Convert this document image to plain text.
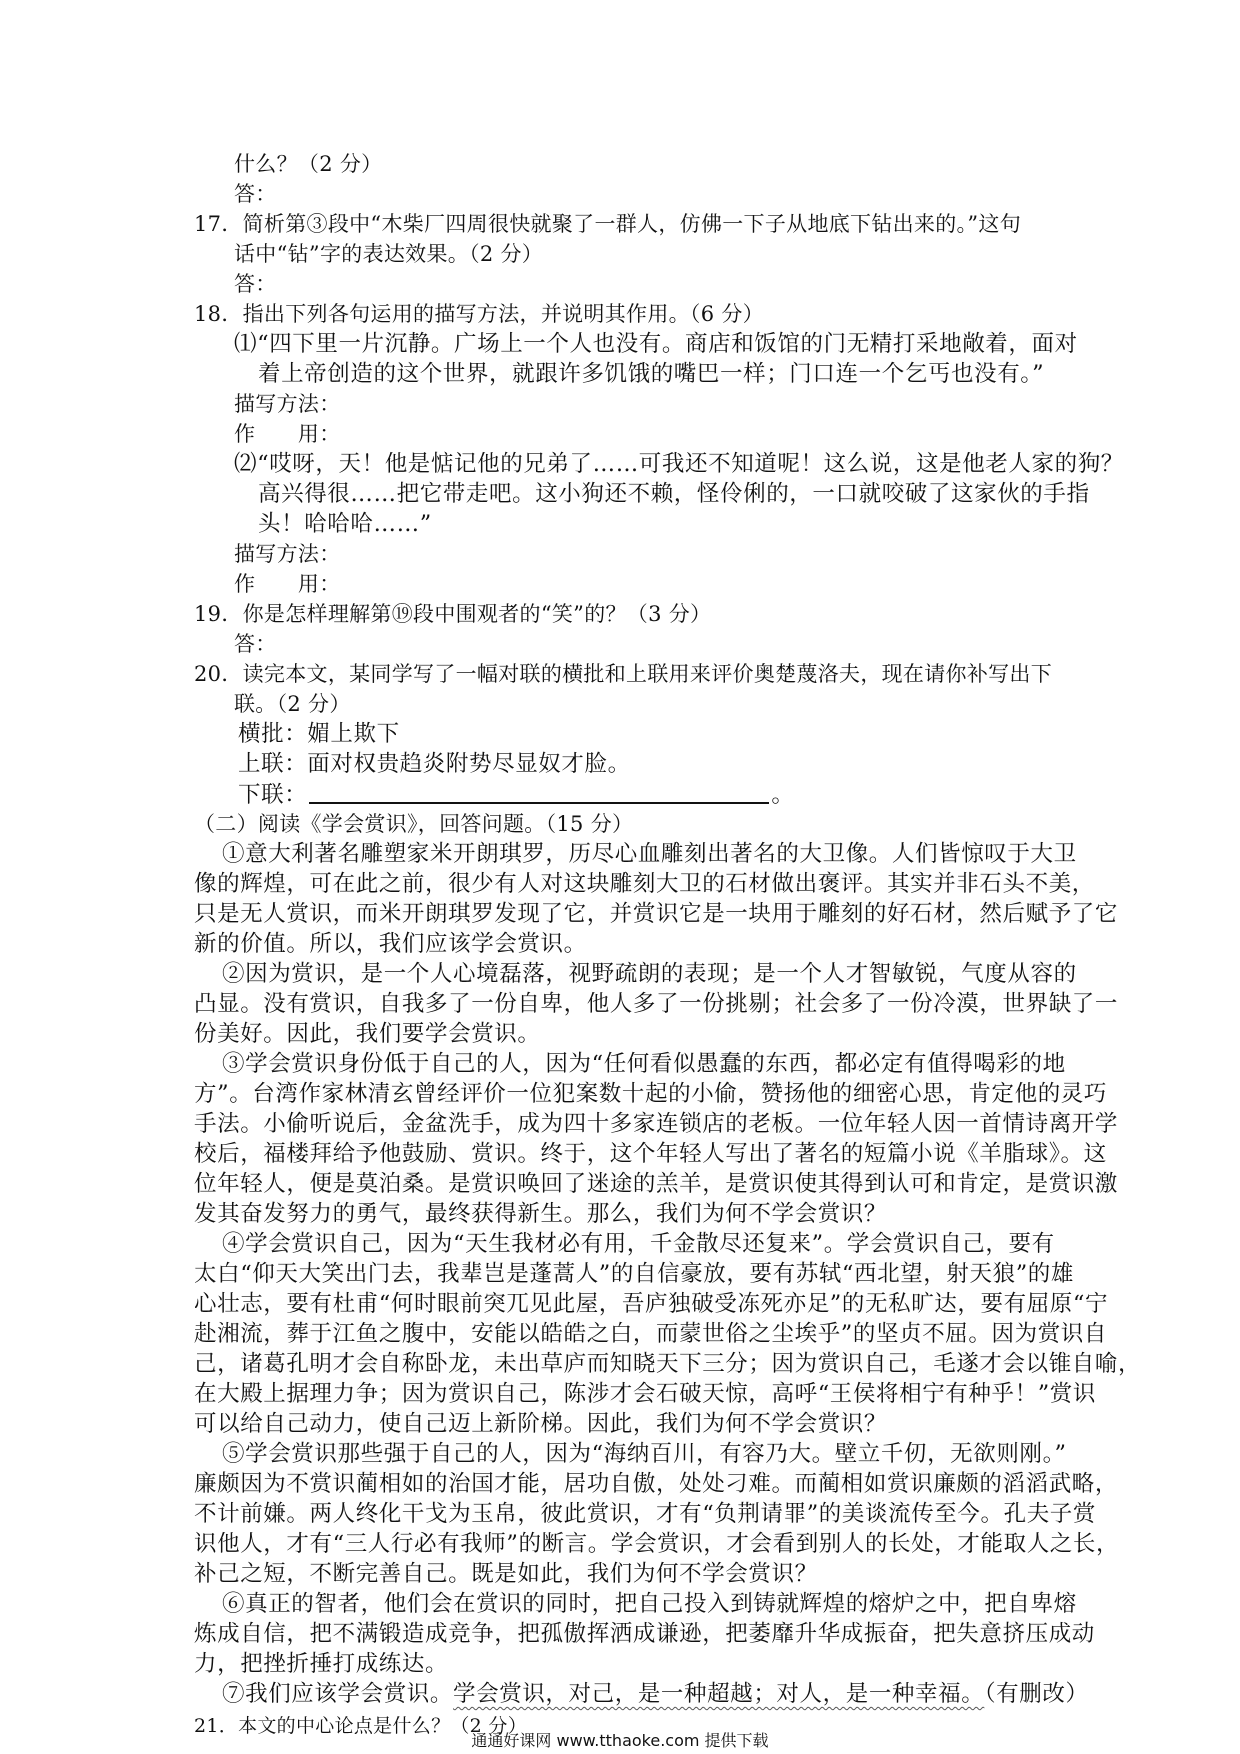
什么？（2 分）
答：
17．简析第③段中“木柴厂四周很快就聚了一群人，仿佛一下子从地底下钻出来的。”这句
话中“钻”字的表达效果。（2 分）
答：
18．指出下列各句运用的描写方法，并说明其作用。（6 分）
⑴“四下里一片沉静。广场上一个人也没有。商店和饭馆的门无精打采地敞着，面对
着上帝创造的这个世界，就跟许多饥饿的嘴巴一样；门口连一个乞丐也没有。”
描写方法：
作　　用：
⑵“哎呀，天！他是惦记他的兄弟了……可我还不知道呢！这么说，这是他老人家的狗？
高兴得很……把它带走吧。这小狗还不赖，怪伶俐的，一口就咬破了这家伙的手指
头！哈哈哈……”
描写方法：
作　　用：
19．你是怎样理解第⑲段中围观者的“笑”的？（3 分）
答：
20．读完本文，某同学写了一幅对联的横批和上联用来评价奥楚蔑洛夫，现在请你补写出下
联。（2 分）
横批：媚上欺下
上联：面对权贵趋炎附势尽显奴才脸。
下联：	。
（二）阅读《学会赏识》，回答问题。（15 分）
①意大利著名雕塑家米开朗琪罗，历尽心血雕刻出著名的大卫像。人们皆惊叹于大卫
像的辉煌，可在此之前，很少有人对这块雕刻大卫的石材做出褒评。其实并非石头不美，
只是无人赏识，而米开朗琪罗发现了它，并赏识它是一块用于雕刻的好石材，然后赋予了它
新的价值。所以，我们应该学会赏识。
②因为赏识，是一个人心境磊落，视野疏朗的表现；是一个人才智敏锐，气度从容的
凸显。没有赏识，自我多了一份自卑，他人多了一份挑剔；社会多了一份冷漠，世界缺了一
份美好。因此，我们要学会赏识。
③学会赏识身份低于自己的人，因为“任何看似愚蠢的东西，都必定有值得喝彩的地
方”。台湾作家林清玄曾经评价一位犯案数十起的小偷，赞扬他的细密心思，肯定他的灵巧
手法。小偷听说后，金盆洗手，成为四十多家连锁店的老板。一位年轻人因一首情诗离开学
校后，福楼拜给予他鼓励、赏识。终于，这个年轻人写出了著名的短篇小说《羊脂球》。这
位年轻人，便是莫泊桑。是赏识唤回了迷途的羔羊，是赏识使其得到认可和肯定，是赏识激
发其奋发努力的勇气，最终获得新生。那么，我们为何不学会赏识？
④学会赏识自己，因为“天生我材必有用，千金散尽还复来”。学会赏识自己，要有
太白“仰天大笑出门去，我辈岂是蓬蒿人”的自信豪放，要有苏轼“西北望，射天狼”的雄
心壮志，要有杜甫“何时眼前突兀见此屋，吾庐独破受冻死亦足”的无私旷达，要有屈原“宁
赴湘流，葬于江鱼之腹中，安能以皓皓之白，而蒙世俗之尘埃乎”的坚贞不屈。因为赏识自
己，诸葛孔明才会自称卧龙，未出草庐而知晓天下三分；因为赏识自己，毛遂才会以锥自喻，
在大殿上据理力争；因为赏识自己，陈涉才会石破天惊，高呼“王侯将相宁有种乎！”赏识
可以给自己动力，使自己迈上新阶梯。因此，我们为何不学会赏识？
⑤学会赏识那些强于自己的人，因为“海纳百川，有容乃大。壁立千仞，无欲则刚。”
廉颇因为不赏识蔺相如的治国才能，居功自傲，处处刁难。而蔺相如赏识廉颇的滔滔武略，
不计前嫌。两人终化干戈为玉帛，彼此赏识，才有“负荆请罪”的美谈流传至今。孔夫子赏
识他人，才有“三人行必有我师”的断言。学会赏识，才会看到别人的长处，才能取人之长，
补己之短，不断完善自己。既是如此，我们为何不学会赏识？
⑥真正的智者，他们会在赏识的同时，把自己投入到铸就辉煌的熔炉之中，把自卑熔
炼成自信，把不满锻造成竞争，把孤傲挥洒成谦逊，把萎靡升华成振奋，把失意挤压成动
力，把挫折捶打成练达。
⑦我们应该学会赏识。学会赏识，对己，是一种超越；对人，是一种幸福。（有删改）
21．本文的中心论点是什么？（2 分）
通通好课网 www.tthaoke.com 提供下载
